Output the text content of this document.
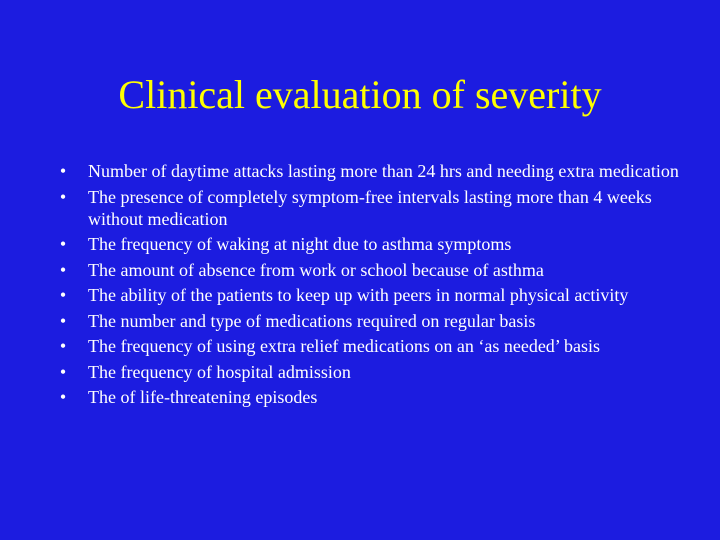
Clinical evaluation of severity
• Number of daytime attacks lasting more than 24 hrs and needing extra medication
• The presence of completely symptom-free intervals lasting more than 4 weeks without medication
• The frequency of waking at night due to asthma symptoms
• The amount of absence from work or school because of asthma
• The ability of the patients to keep up with peers in normal physical activity
• The number and type of medications required on regular basis
• The frequency of using extra relief medications on an ‘as needed’ basis
• The frequency of hospital admission
• The of life-threatening episodes
